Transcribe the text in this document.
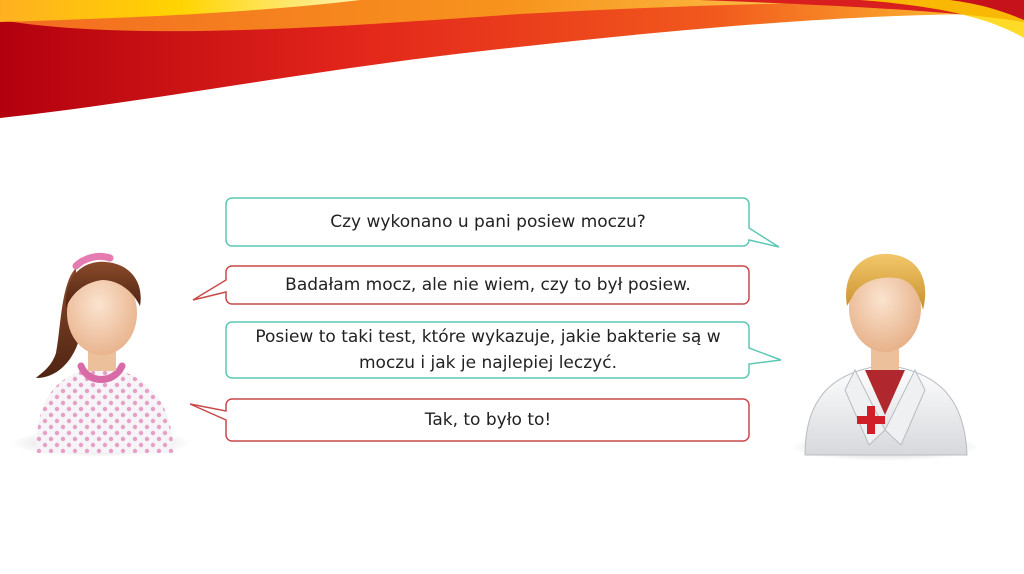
Czy wykonano u pani posiew moczu?
Badałam mocz, ale nie wiem, czy to był posiew.
Posiew to taki test, które wykazuje, jakie bakterie są w moczu i jak je najlepiej leczyć.
Tak, to było to!
